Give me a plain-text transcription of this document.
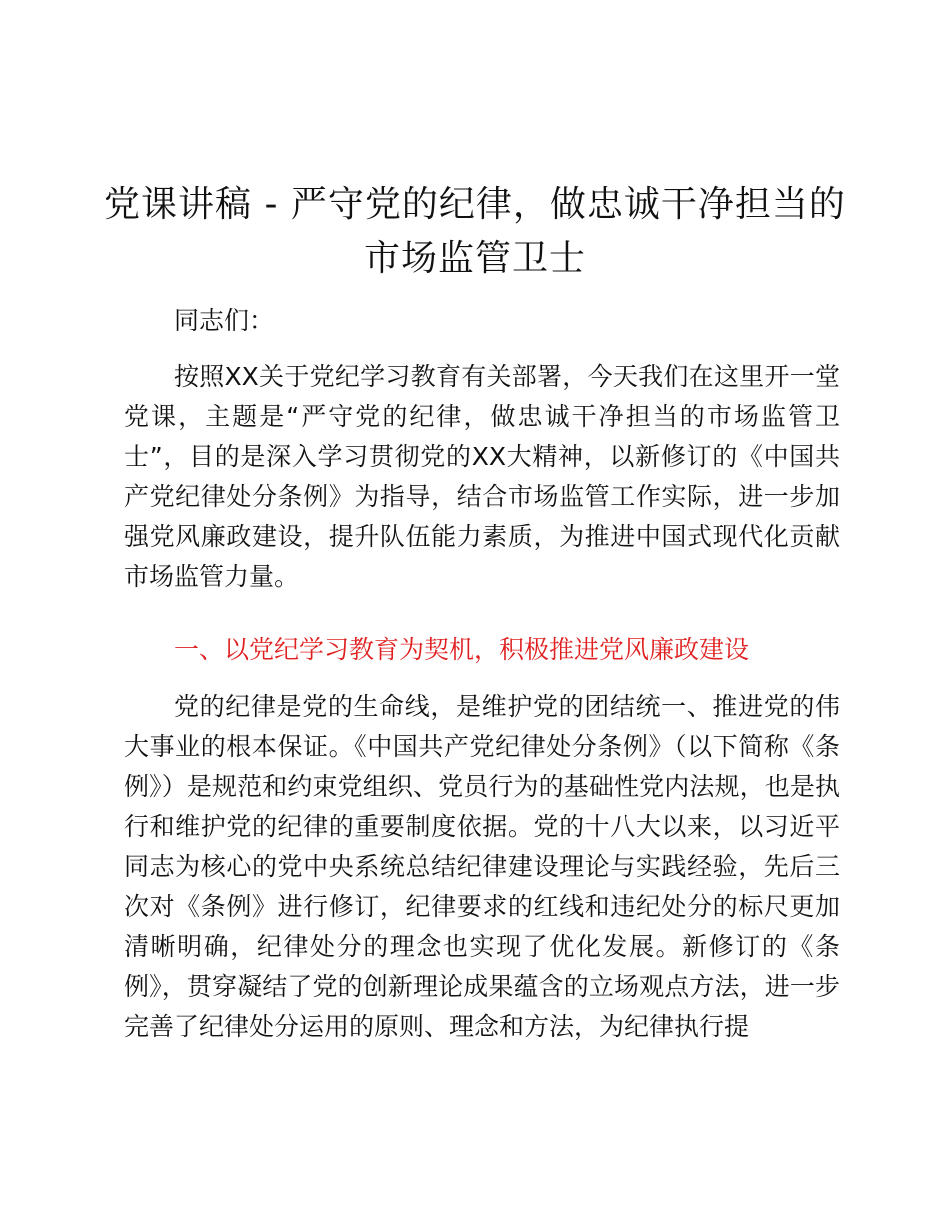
党课讲稿 - 严守党的纪律，做忠诚干净担当的
市场监管卫士

同志们：

按照XX关于党纪学习教育有关部署，今天我们在这里开一堂党课，主题是“严守党的纪律，做忠诚干净担当的市场监管卫士”，目的是深入学习贯彻党的XX大精神，以新修订的《中国共产党纪律处分条例》为指导，结合市场监管工作实际，进一步加强党风廉政建设，提升队伍能力素质，为推进中国式现代化贡献市场监管力量。

一、以党纪学习教育为契机，积极推进党风廉政建设

党的纪律是党的生命线，是维护党的团结统一、推进党的伟大事业的根本保证。《中国共产党纪律处分条例》（以下简称《条例》）是规范和约束党组织、党员行为的基础性党内法规，也是执行和维护党的纪律的重要制度依据。党的十八大以来，以习近平同志为核心的党中央系统总结纪律建设理论与实践经验，先后三次对《条例》进行修订，纪律要求的红线和违纪处分的标尺更加清晰明确，纪律处分的理念也实现了优化发展。新修订的《条例》，贯穿凝结了党的创新理论成果蕴含的立场观点方法，进一步完善了纪律处分运用的原则、理念和方法，为纪律执行提
